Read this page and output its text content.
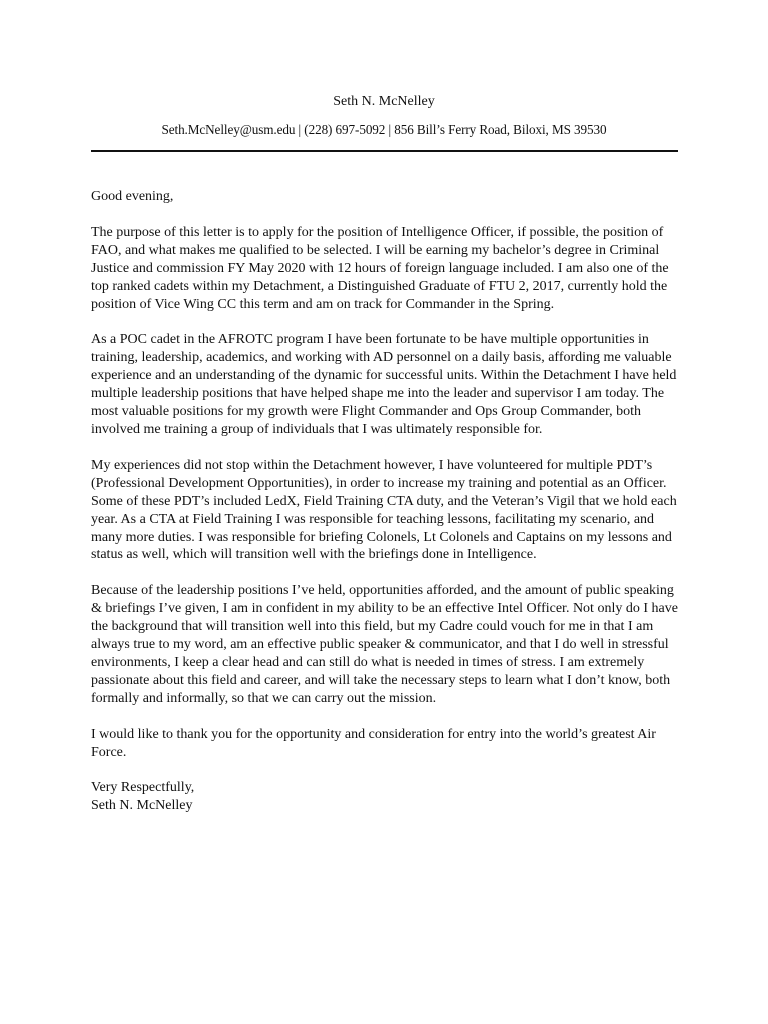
Seth N. McNelley
Seth.McNelley@usm.edu | (228) 697-5092 | 856 Bill’s Ferry Road, Biloxi, MS 39530

Good evening,

The purpose of this letter is to apply for the position of Intelligence Officer, if possible, the position of FAO, and what makes me qualified to be selected. I will be earning my bachelor’s degree in Criminal Justice and commission FY May 2020 with 12 hours of foreign language included. I am also one of the top ranked cadets within my Detachment, a Distinguished Graduate of FTU 2, 2017, currently hold the position of Vice Wing CC this term and am on track for Commander in the Spring.

As a POC cadet in the AFROTC program I have been fortunate to be have multiple opportunities in training, leadership, academics, and working with AD personnel on a daily basis, affording me valuable experience and an understanding of the dynamic for successful units. Within the Detachment I have held multiple leadership positions that have helped shape me into the leader and supervisor I am today. The most valuable positions for my growth were Flight Commander and Ops Group Commander, both involved me training a group of individuals that I was ultimately responsible for.

My experiences did not stop within the Detachment however, I have volunteered for multiple PDT’s (Professional Development Opportunities), in order to increase my training and potential as an Officer. Some of these PDT’s included LedX, Field Training CTA duty, and the Veteran’s Vigil that we hold each year. As a CTA at Field Training I was responsible for teaching lessons, facilitating my scenario, and many more duties. I was responsible for briefing Colonels, Lt Colonels and Captains on my lessons and status as well, which will transition well with the briefings done in Intelligence.

Because of the leadership positions I’ve held, opportunities afforded, and the amount of public speaking & briefings I’ve given, I am in confident in my ability to be an effective Intel Officer. Not only do I have the background that will transition well into this field, but my Cadre could vouch for me in that I am always true to my word, am an effective public speaker & communicator, and that I do well in stressful environments, I keep a clear head and can still do what is needed in times of stress. I am extremely passionate about this field and career, and will take the necessary steps to learn what I don’t know, both formally and informally, so that we can carry out the mission.

I would like to thank you for the opportunity and consideration for entry into the world’s greatest Air Force.

Very Respectfully,

Seth N. McNelley
